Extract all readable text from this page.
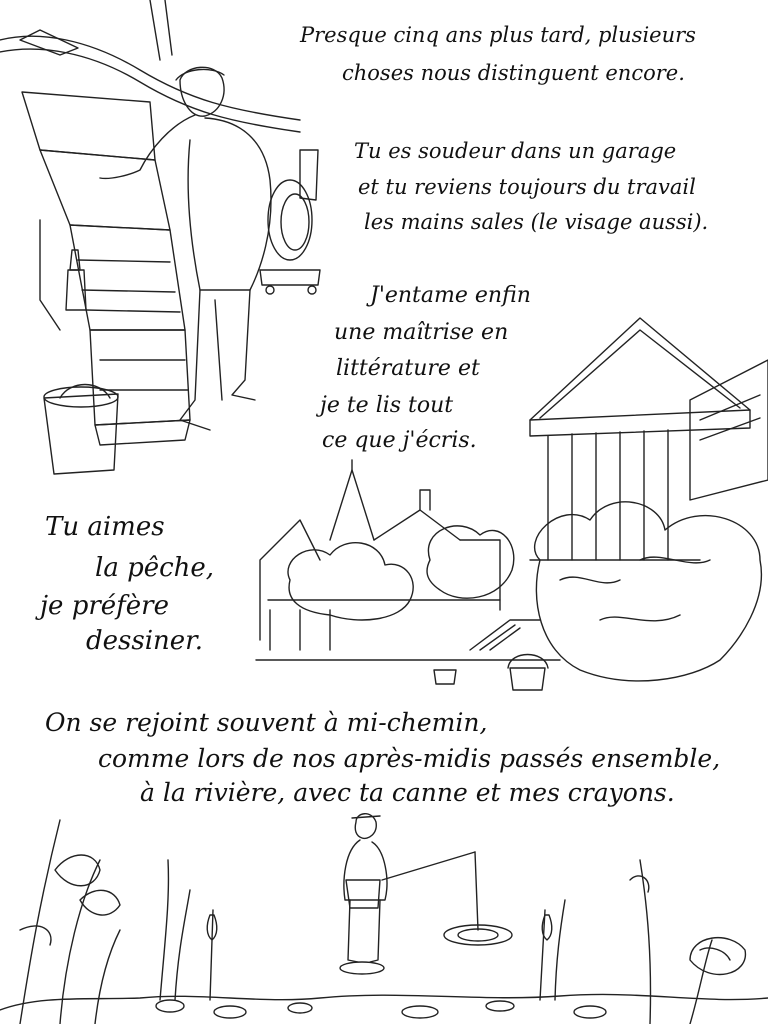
Presque cinq ans plus tard, plusieurs
choses nous distinguent encore.
Tu es soudeur dans un garage
et tu reviens toujours du travail
les mains sales (le visage aussi).
J'entame enfin
une maîtrise en
littérature et
je te lis tout
ce que j'écris.
Tu aimes
la pêche,
je préfère
dessiner.
On se rejoint souvent à mi-chemin,
comme lors de nos après-midis passés ensemble,
à la rivière, avec ta canne et mes crayons.
